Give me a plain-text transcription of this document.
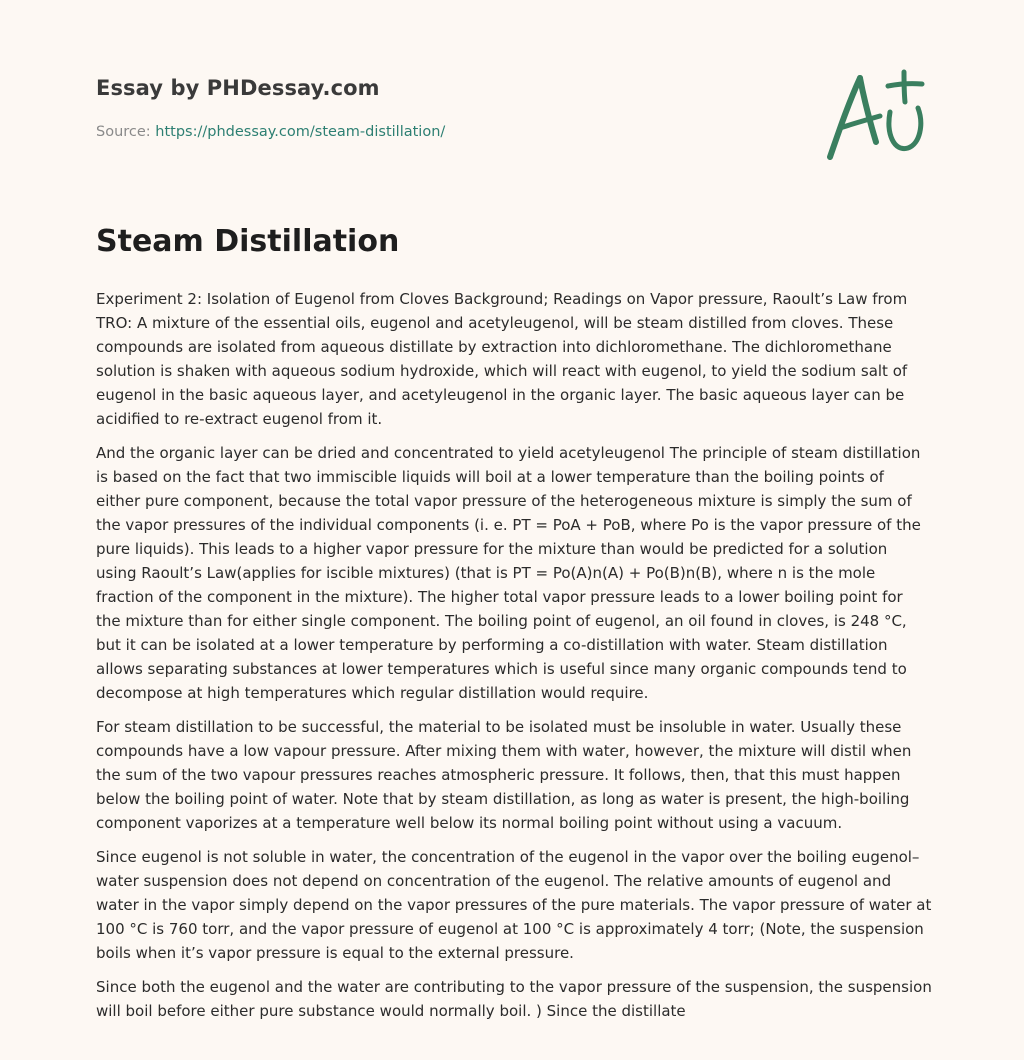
Essay by PHDessay.com
Source: https://phdessay.com/steam-distillation/
Steam Distillation

Experiment 2: Isolation of Eugenol from Cloves Background; Readings on Vapor pressure, Raoult’s Law from TRO: A mixture of the essential oils, eugenol and acetyleugenol, will be steam distilled from cloves. These compounds are isolated from aqueous distillate by extraction into dichloromethane. The dichloromethane solution is shaken with aqueous sodium hydroxide, which will react with eugenol, to yield the sodium salt of eugenol in the basic aqueous layer, and acetyleugenol in the organic layer. The basic aqueous layer can be acidified to re-extract eugenol from it.

And the organic layer can be dried and concentrated to yield acetyleugenol The principle of steam distillation is based on the fact that two immiscible liquids will boil at a lower temperature than the boiling points of either pure component, because the total vapor pressure of the heterogeneous mixture is simply the sum of the vapor pressures of the individual components (i. e. PT = PoA + PoB, where Po is the vapor pressure of the pure liquids). This leads to a higher vapor pressure for the mixture than would be predicted for a solution using Raoult’s Law(applies for iscible mixtures) (that is PT = Po(A)n(A) + Po(B)n(B), where n is the mole fraction of the component in the mixture). The higher total vapor pressure leads to a lower boiling point for the mixture than for either single component. The boiling point of eugenol, an oil found in cloves, is 248 °C, but it can be isolated at a lower temperature by performing a co-distillation with water. Steam distillation allows separating substances at lower temperatures which is useful since many organic compounds tend to decompose at high temperatures which regular distillation would require.

For steam distillation to be successful, the material to be isolated must be insoluble in water. Usually these compounds have a low vapour pressure. After mixing them with water, however, the mixture will distil when the sum of the two vapour pressures reaches atmospheric pressure. It follows, then, that this must happen below the boiling point of water. Note that by steam distillation, as long as water is present, the high-boiling component vaporizes at a temperature well below its normal boiling point without using a vacuum.

Since eugenol is not soluble in water, the concentration of the eugenol in the vapor over the boiling eugenol–water suspension does not depend on concentration of the eugenol. The relative amounts of eugenol and water in the vapor simply depend on the vapor pressures of the pure materials. The vapor pressure of water at 100 °C is 760 torr, and the vapor pressure of eugenol at 100 °C is approximately 4 torr; (Note, the suspension boils when it’s vapor pressure is equal to the external pressure.

Since both the eugenol and the water are contributing to the vapor pressure of the suspension, the suspension will boil before either pure substance would normally boil. ) Since the distillate
